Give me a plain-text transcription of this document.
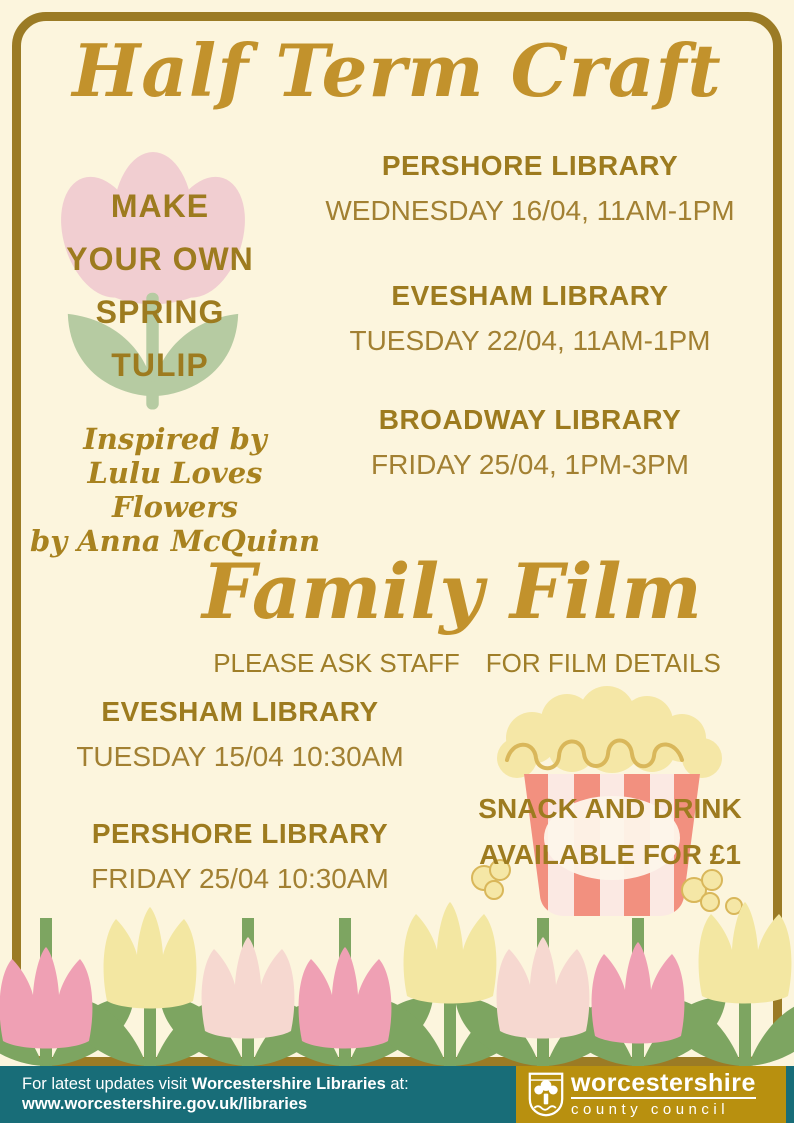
Half Term Craft
MAKE
YOUR OWN
SPRING
TULIP
PERSHORE LIBRARY
WEDNESDAY 16/04, 11AM-1PM
EVESHAM LIBRARY
TUESDAY 22/04, 11AM-1PM
BROADWAY LIBRARY
FRIDAY 25/04, 1PM-3PM
Inspired by
Lulu Loves Flowers
by Anna McQuinn
Family Film
PLEASE ASK STAFF FOR FILM DETAILS
EVESHAM LIBRARY
TUESDAY 15/04 10:30AM
PERSHORE LIBRARY
FRIDAY 25/04 10:30AM
SNACK AND DRINK
AVAILABLE FOR £1
For latest updates visit Worcestershire Libraries at:
www.worcestershire.gov.uk/libraries
worcestershire
county council
